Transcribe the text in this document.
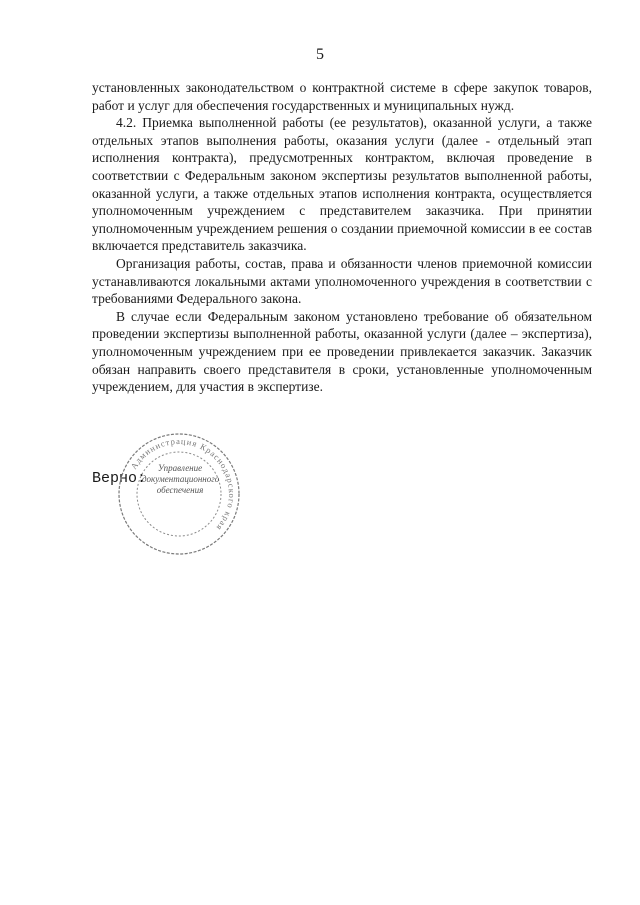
5

установленных законодательством о контрактной системе в сфере закупок товаров, работ и услуг для обеспечения государственных и муниципальных нужд.

4.2. Приемка выполненной работы (ее результатов), оказанной услуги, а также отдельных этапов выполнения работы, оказания услуги (далее - отдельный этап исполнения контракта), предусмотренных контрактом, включая проведение в соответствии с Федеральным законом экспертизы результатов выполненной работы, оказанной услуги, а также отдельных этапов исполнения контракта, осуществляется уполномоченным учреждением с представителем заказчика. При принятии уполномоченным учреждением решения о создании приемочной комиссии в ее состав включается представитель заказчика.

Организация работы, состав, права и обязанности членов приемочной комиссии устанавливаются локальными актами уполномоченного учреждения в соответствии с требованиями Федерального закона.

В случае если Федеральным законом установлено требование об обязательном проведении экспертизы выполненной работы, оказанной услуги (далее – экспертиза), уполномоченным учреждением при ее проведении привлекается заказчик. Заказчик обязан направить своего представителя в сроки, установленные уполномоченным учреждением, для участия в экспертизе.

Верно:
Администрация Краснодарского края
Управление
документационного
обеспечения
